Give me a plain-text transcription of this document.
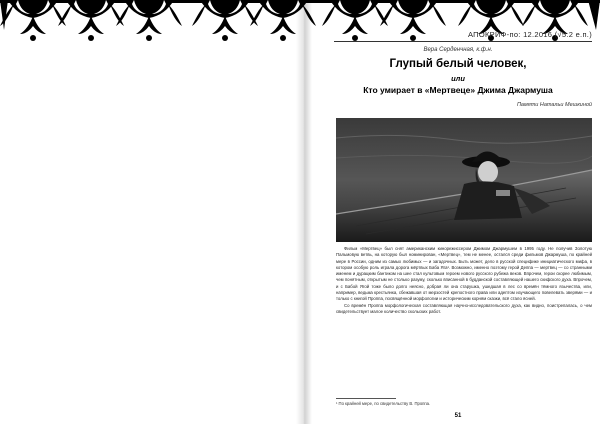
АПОКРИФ-по: 12.2016 (√5.2 е.п.)
Вера Серденчная, к.ф.н.
Глупый белый человек,
или
Кто умирает в «Мертвеце» Джима Джармуша
Памяти Натальи Мешкиной

Фильм «Мертвец» был снят американским кинорежиссером Джимом Джармушем в 1995 году. Не получив Золотую Пальмовую ветвь, на которую был номинирован, «Мертвец», тем не менее, остался среди фильмов Джармуша, по крайней мере в России, одним из самых любимых — и загадочных. Быть может, дело в русской специфике инициатического мифа, в котором особую роль играла дорога мёртвых Баба Яга¹. Возможно, именно поэтому герой Деппа — мертвец — со странными именем и дурацким бантиком на шее стал культовым героем нового русского рубежа веков. Впрочем, герои скорее любимым, чем понятным, открытым не столько разуму, сколько вписанной в будданской составляющей нашего скифского духа. Впрочем, и с Бабой Ягой тоже было долго неясно, добрая ли она старушка, ушедшая в лес со времён тёмного язычества, или, например, ведьма крестьянка, сбежавшая от мерзостей крепостного права или адептом изучающего повелевать зверями — и только с книгой Проппа, посвящённой морфологии и историческим корням сказки, всё стало ясней.

Со времён Проппа морфологическая составляющая научно-исследовательского духа, как видно, поистрепалась, о чем свидетельствует малое количество скольских работ.

¹ По крайней мере, по свидетельству В. Проппа.
51
